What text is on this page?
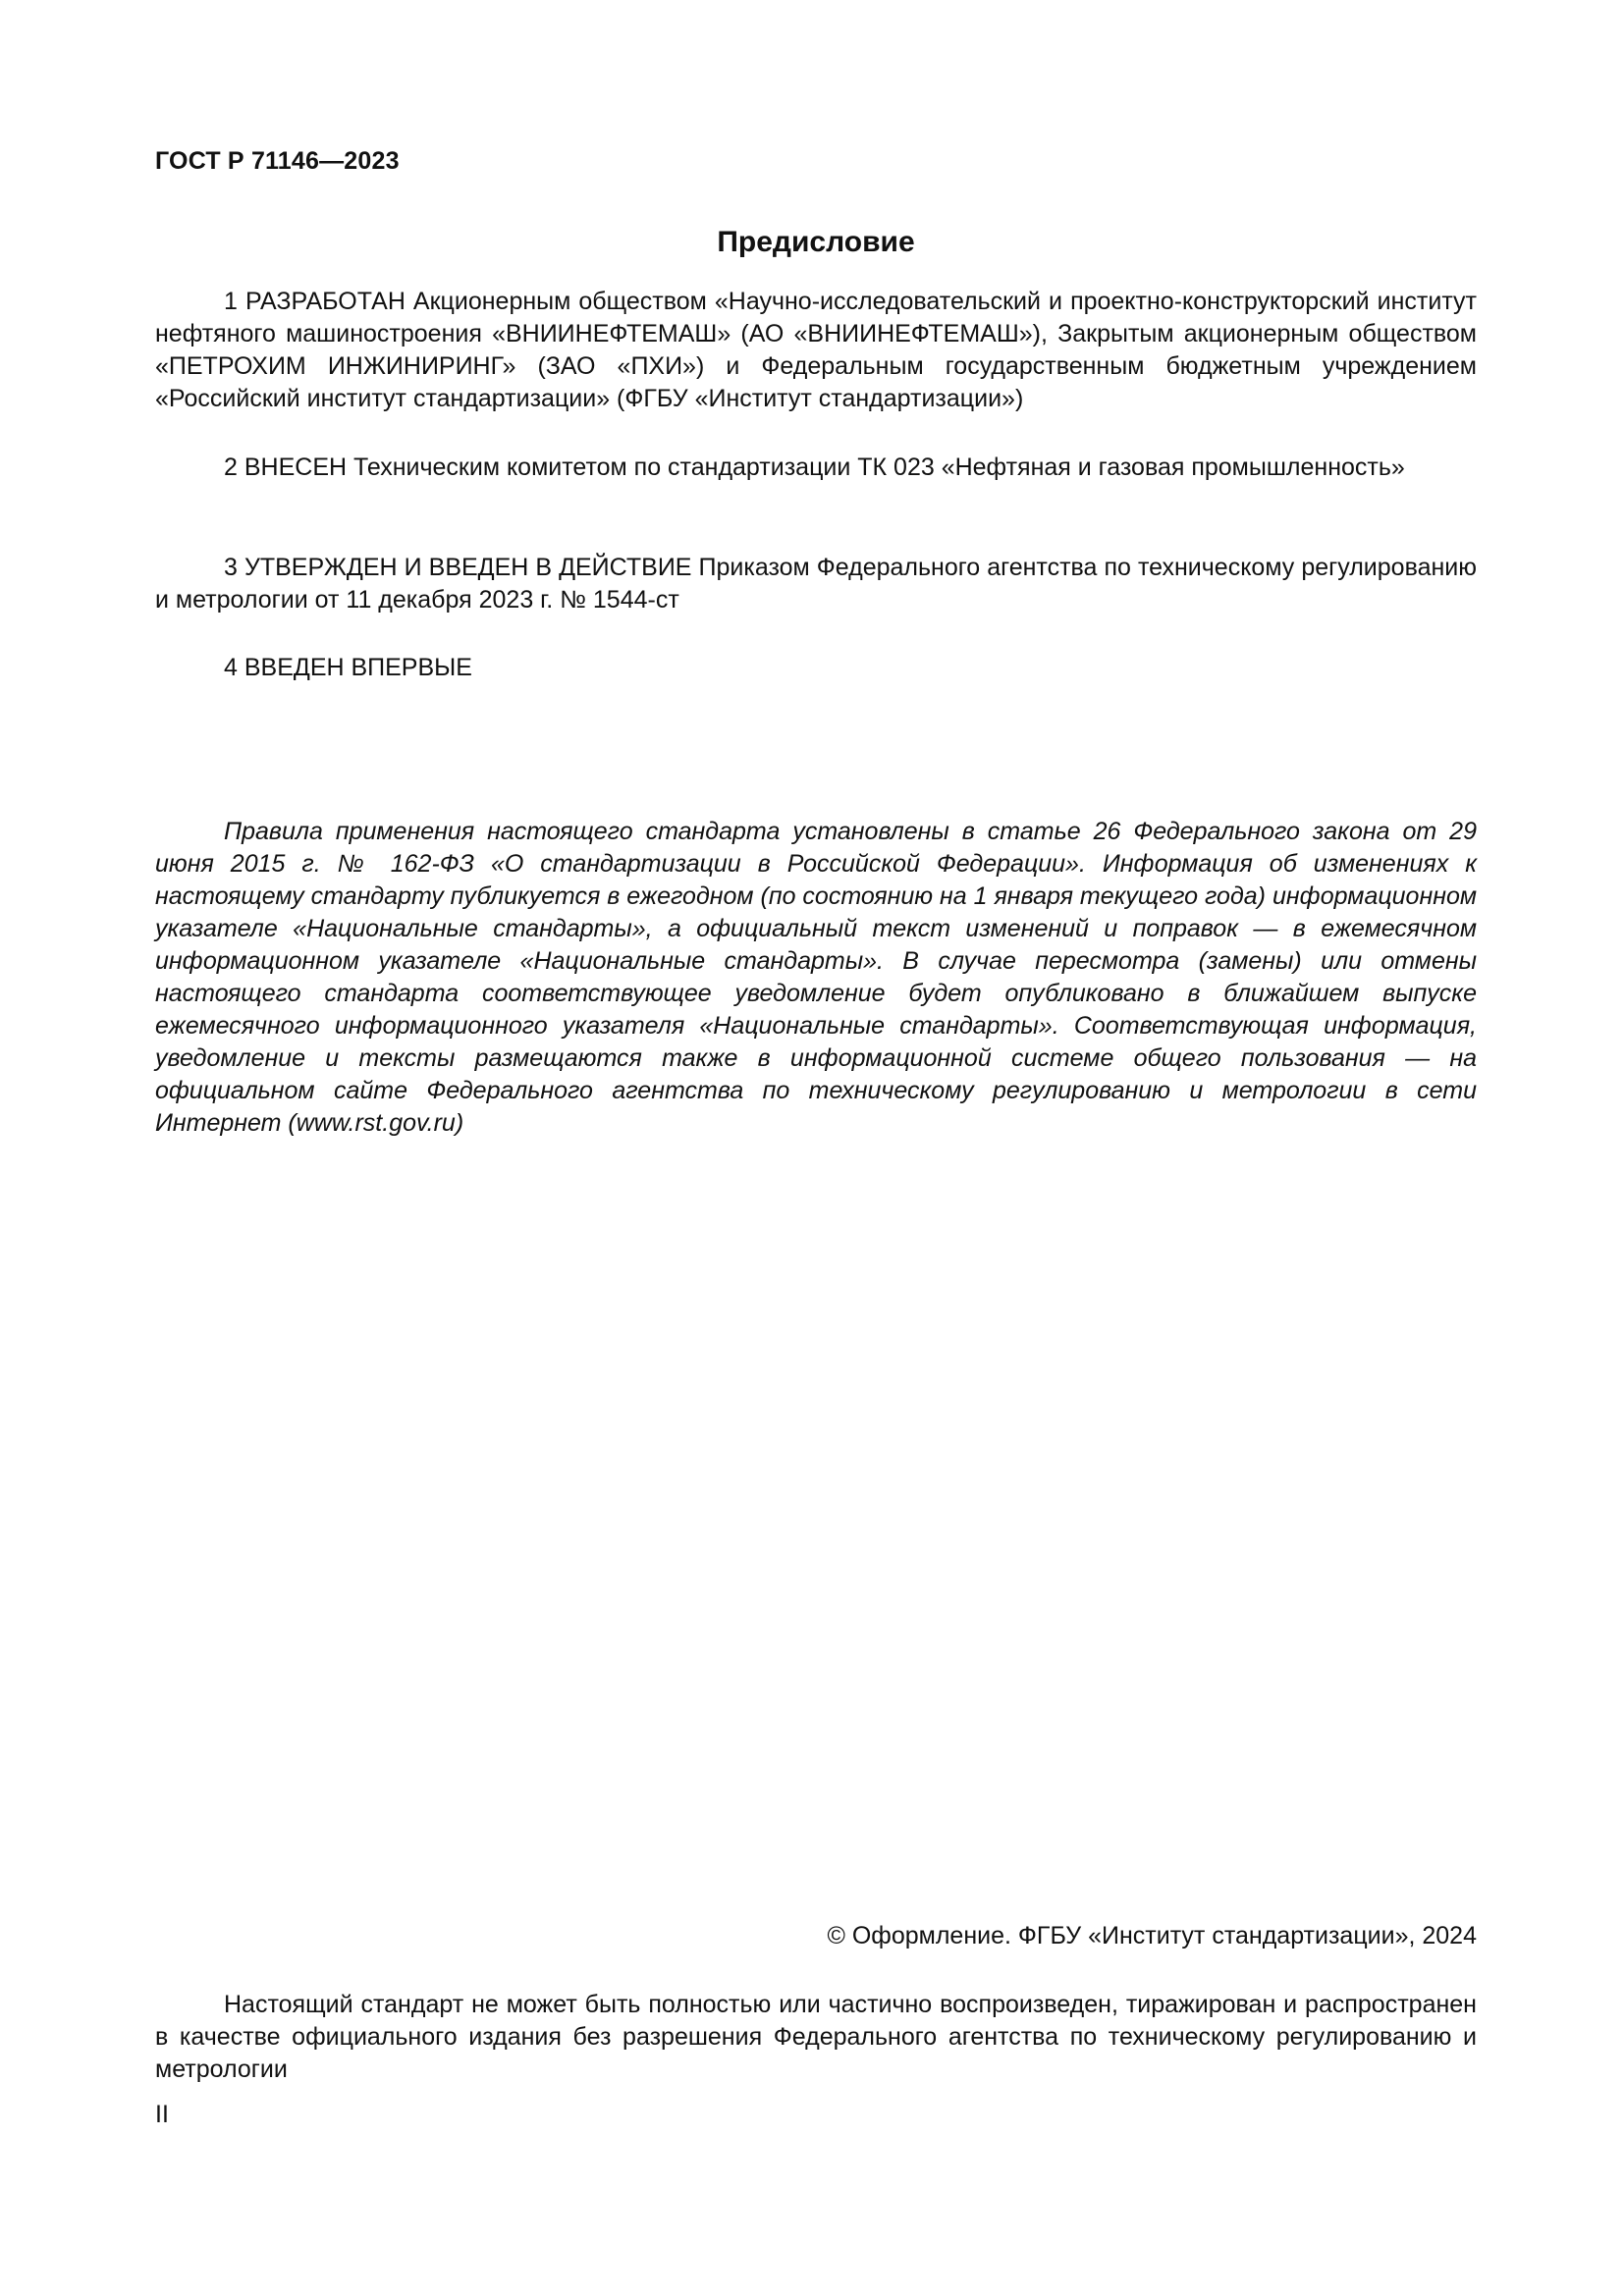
ГОСТ Р 71146—2023
Предисловие

1 РАЗРАБОТАН Акционерным обществом «Научно-исследовательский и проектно-конструкторский институт нефтяного машиностроения «ВНИИНЕФТЕМАШ» (АО «ВНИИНЕФТЕМАШ»), Закрытым акционерным обществом «ПЕТРОХИМ ИНЖИНИРИНГ» (ЗАО «ПХИ») и Федеральным государственным бюджетным учреждением «Российский институт стандартизации» (ФГБУ «Институт стандартизации»)

2 ВНЕСЕН Техническим комитетом по стандартизации ТК 023 «Нефтяная и газовая промышленность»

3 УТВЕРЖДЕН И ВВЕДЕН В ДЕЙСТВИЕ Приказом Федерального агентства по техническому регулированию и метрологии от 11 декабря 2023 г. № 1544-ст

4 ВВЕДЕН ВПЕРВЫЕ

Правила применения настоящего стандарта установлены в статье 26 Федерального закона от 29 июня 2015 г. № 162-ФЗ «О стандартизации в Российской Федерации». Информация об изменениях к настоящему стандарту публикуется в ежегодном (по состоянию на 1 января текущего года) информационном указателе «Национальные стандарты», а официальный текст изменений и поправок — в ежемесячном информационном указателе «Национальные стандарты». В случае пересмотра (замены) или отмены настоящего стандарта соответствующее уведомление будет опубликовано в ближайшем выпуске ежемесячного информационного указателя «Национальные стандарты». Соответствующая информация, уведомление и тексты размещаются также в информационной системе общего пользования — на официальном сайте Федерального агентства по техническому регулированию и метрологии в сети Интернет (www.rst.gov.ru)

© Оформление. ФГБУ «Институт стандартизации», 2024

Настоящий стандарт не может быть полностью или частично воспроизведен, тиражирован и распространен в качестве официального издания без разрешения Федерального агентства по техническому регулированию и метрологии

II
